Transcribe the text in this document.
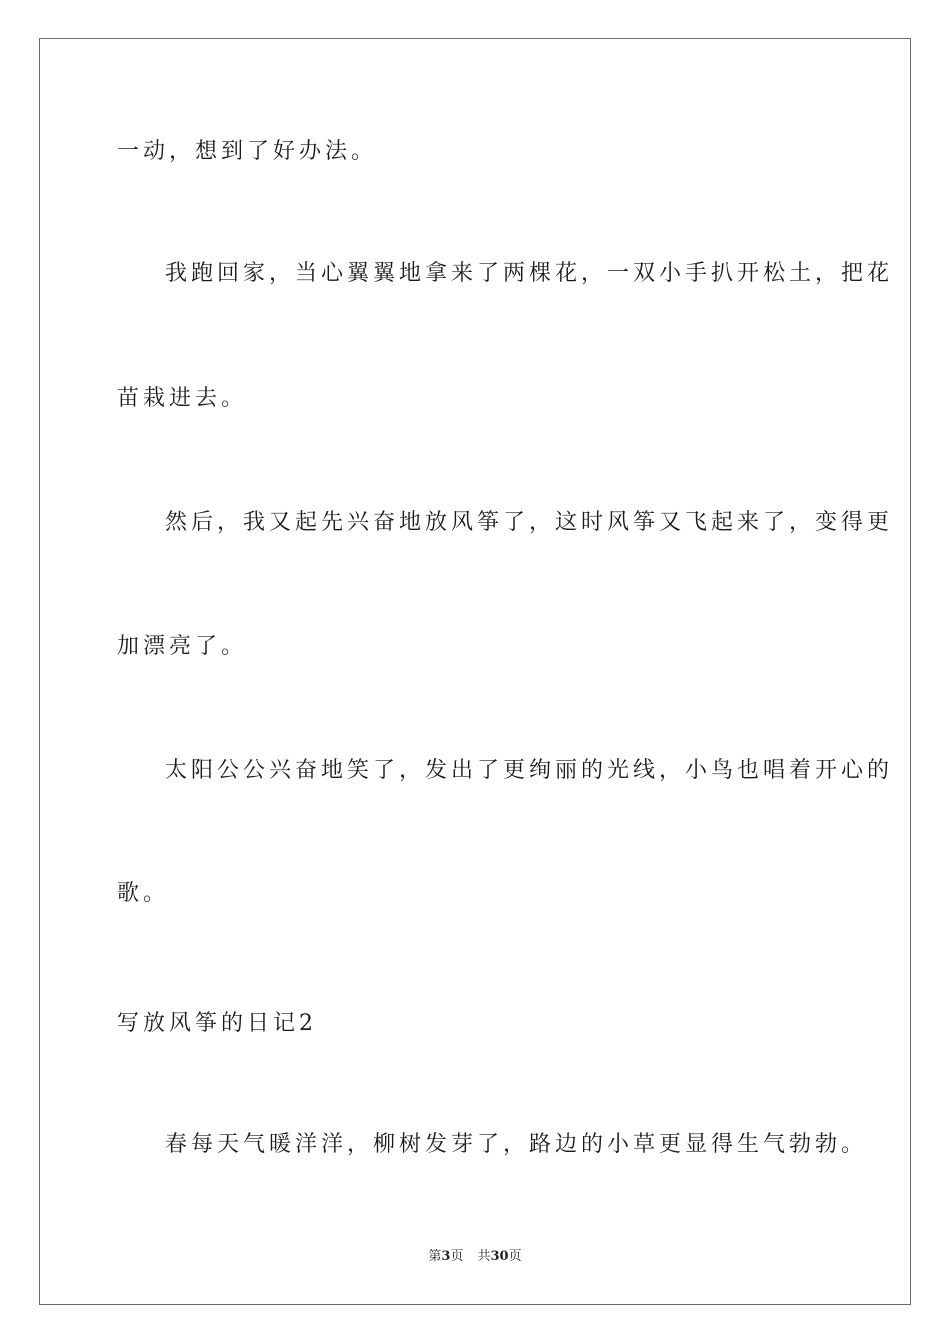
一动，想到了好办法。
我跑回家，当心翼翼地拿来了两棵花，一双小手扒开松土，把花
苗栽进去。
然后，我又起先兴奋地放风筝了，这时风筝又飞起来了，变得更
加漂亮了。
太阳公公兴奋地笑了，发出了更绚丽的光线，小鸟也唱着开心的
歌。
写放风筝的日记2
春每天气暖洋洋，柳树发芽了，路边的小草更显得生气勃勃。
第3页 共30页
